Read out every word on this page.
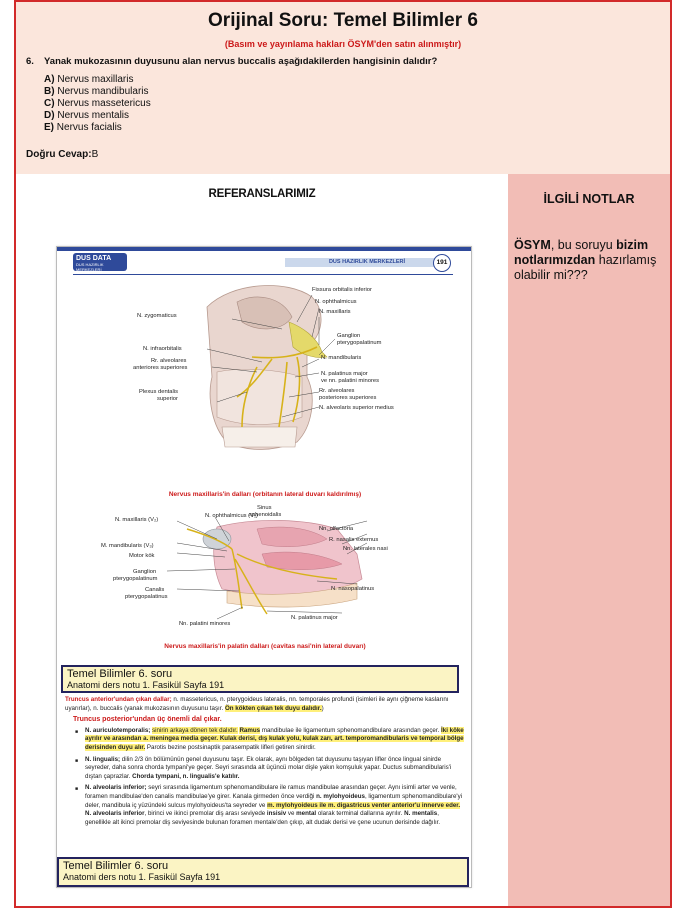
Orijinal Soru: Temel Bilimler 6
(Basım ve yayınlama hakları ÖSYM'den satın alınmıştır)
6. Yanak mukozasının duyusunu alan nervus buccalis aşağıdakilerden hangisinin dalıdır?
A) Nervus maxillaris
B) Nervus mandibularis
C) Nervus massetericus
D) Nervus mentalis
E) Nervus facialis
Doğru Cevap:B
REFERANSLARIMIZ
DUS DATA
DUS HAZIRLIK MERKEZLERİ
DUS HAZIRLIK MERKEZLERİ	191
Fissura orbitalis inferior
N. ophthalmicus
N. maxillaris
N. zygomaticus
Ganglion
pterygopalatinum
N. infraorbitalis
Rr. alveolares
anteriores superiores
N. mandibularis
N. palatinus major
ve nn. palatini minores
Plexus dentalis
superior
Rr. alveolares
posteriores superiores
N. alveolaris superior medius
Nervus maxillaris'in dalları (orbitanın lateral duvarı kaldırılmış)
Sinus
sphenoidalis
N. maxillaris (V₂)
N. ophthalmicus (V₁)
Nn. olfactoria
R. nasalis externus
Nn. laterales nasi
M. mandibularis (V₃)
Motor kök
Ganglion
pterygopalatinum
Canalis
pterygopalatinus
N. nasopalatinus
N. palatinus major
Nn. palatini minores
Nervus maxillaris'in palatin dalları (cavitas nasi'nin lateral duvarı)
Temel Bilimler 6. soru
Anatomi ders notu 1. Fasikül Sayfa 191
Truncus anterior'undan çıkan dallar; n. massetericus, n. pterygoideus lateralis, nn. temporales profundi (isimleri ile aynı çiğneme kaslarını uyarırlar), n. buccalis (yanak mukozasının duyusunu taşır. Ön kökten çıkan tek duyu dalıdır.)
Truncus posterior'undan üç önemli dal çıkar.
■ N. auriculotemporalis; sinirin arkaya dönen tek dalıdır. Ramus mandibulae ile ligamentum sphenomandibulare arasından geçer. İki köke ayrılır ve arasından a. meningea media geçer. Kulak derisi, dış kulak yolu, kulak zarı, art. temporomandibularis ve temporal bölge derisinden duyu alır. Parotis bezine postsinaptik parasempatik lifleri getiren sinirdir.
■ N. lingualis; dilin 2/3 ön bölümünün genel duyusunu taşır. Ek olarak, aynı bölgeden tat duyusunu taşıyan lifler önce lingual sinirde seyreder, daha sonra chorda tympani'ye geçer. Seyri sırasında alt üçüncü molar dişle yakın komşuluk yapar. Ductus submandibularis'i dıştan çaprazlar. Chorda tympani, n. lingualis'e katılır.
■ N. alveolaris inferior; seyri sırasında ligamentum sphenomandibulare ile ramus mandibulae arasından geçer. Aynı isimli arter ve venle, foramen mandibulae'den canalis mandibulae'ye girer. Kanala girmeden önce verdiği n. mylohyoideus, ligamentum sphenomandibulare'yi deler, mandibula iç yüzündeki sulcus mylohyoideus'ta seyreder ve m. mylohyoideus ile m. digastricus venter anterior'u innerve eder. N. alveolaris inferior, birinci ve ikinci premolar diş arası seviyede insisiv ve mental olarak terminal dallarına ayrılır. N. mentalis, genellikle alt ikinci premolar diş seviyesinde bulunan foramen mentale'den çıkıp, alt dudak derisi ve çene ucunun derisinde dağılır.
Temel Bilimler 6. soru
Anatomi ders notu 1. Fasikül Sayfa 191
İLGİLİ NOTLAR
ÖSYM, bu soruyu bizim notlarımızdan hazırlamış olabilir mi???
